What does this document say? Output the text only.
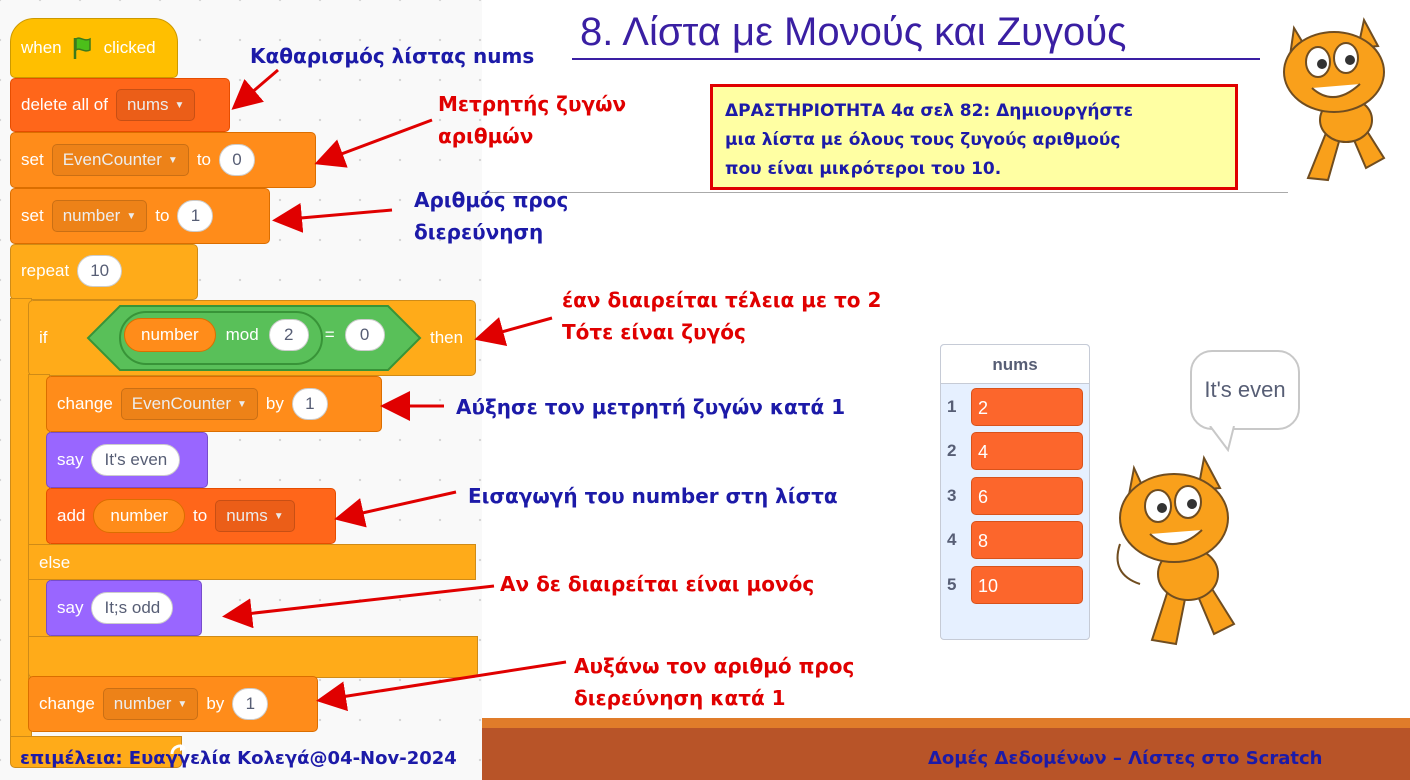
when clicked
delete all of nums ▼
set EvenCounter ▼ to	0
set number ▼ to	1
repeat	10
if	number	mod	2	=	0	then
change EvenCounter ▼ by	1
say	It's even
add	number	to nums ▼
else
say	It;s odd
change number ▼ by	1
8. Λίστα με Μονούς και Ζυγούς
ΔΡΑΣΤΗΡΙΟΤΗΤΑ 4α σελ 82: Δημιουργήστε
μια λίστα με όλους τους ζυγούς αριθμούς
που είναι μικρότεροι του 10.
Καθαρισμός λίστας nums
Μετρητής ζυγών
αριθμών
Αριθμός προς
διερεύνηση
έαν διαιρείται τέλεια με το 2
Τότε είναι ζυγός
Αύξησε τον μετρητή ζυγών κατά 1
Εισαγωγή του number στη λίστα
Αν δε διαιρείται είναι μονός
Αυξάνω τον αριθμό προς
διερεύνηση κατά 1
nums
1	2
2	4
3	6
4	8
5	10
It's even
επιμέλεια: Ευαγγελία Κολεγά@04-Nov-2024	Δομές Δεδομένων – Λίστες στο Scratch
